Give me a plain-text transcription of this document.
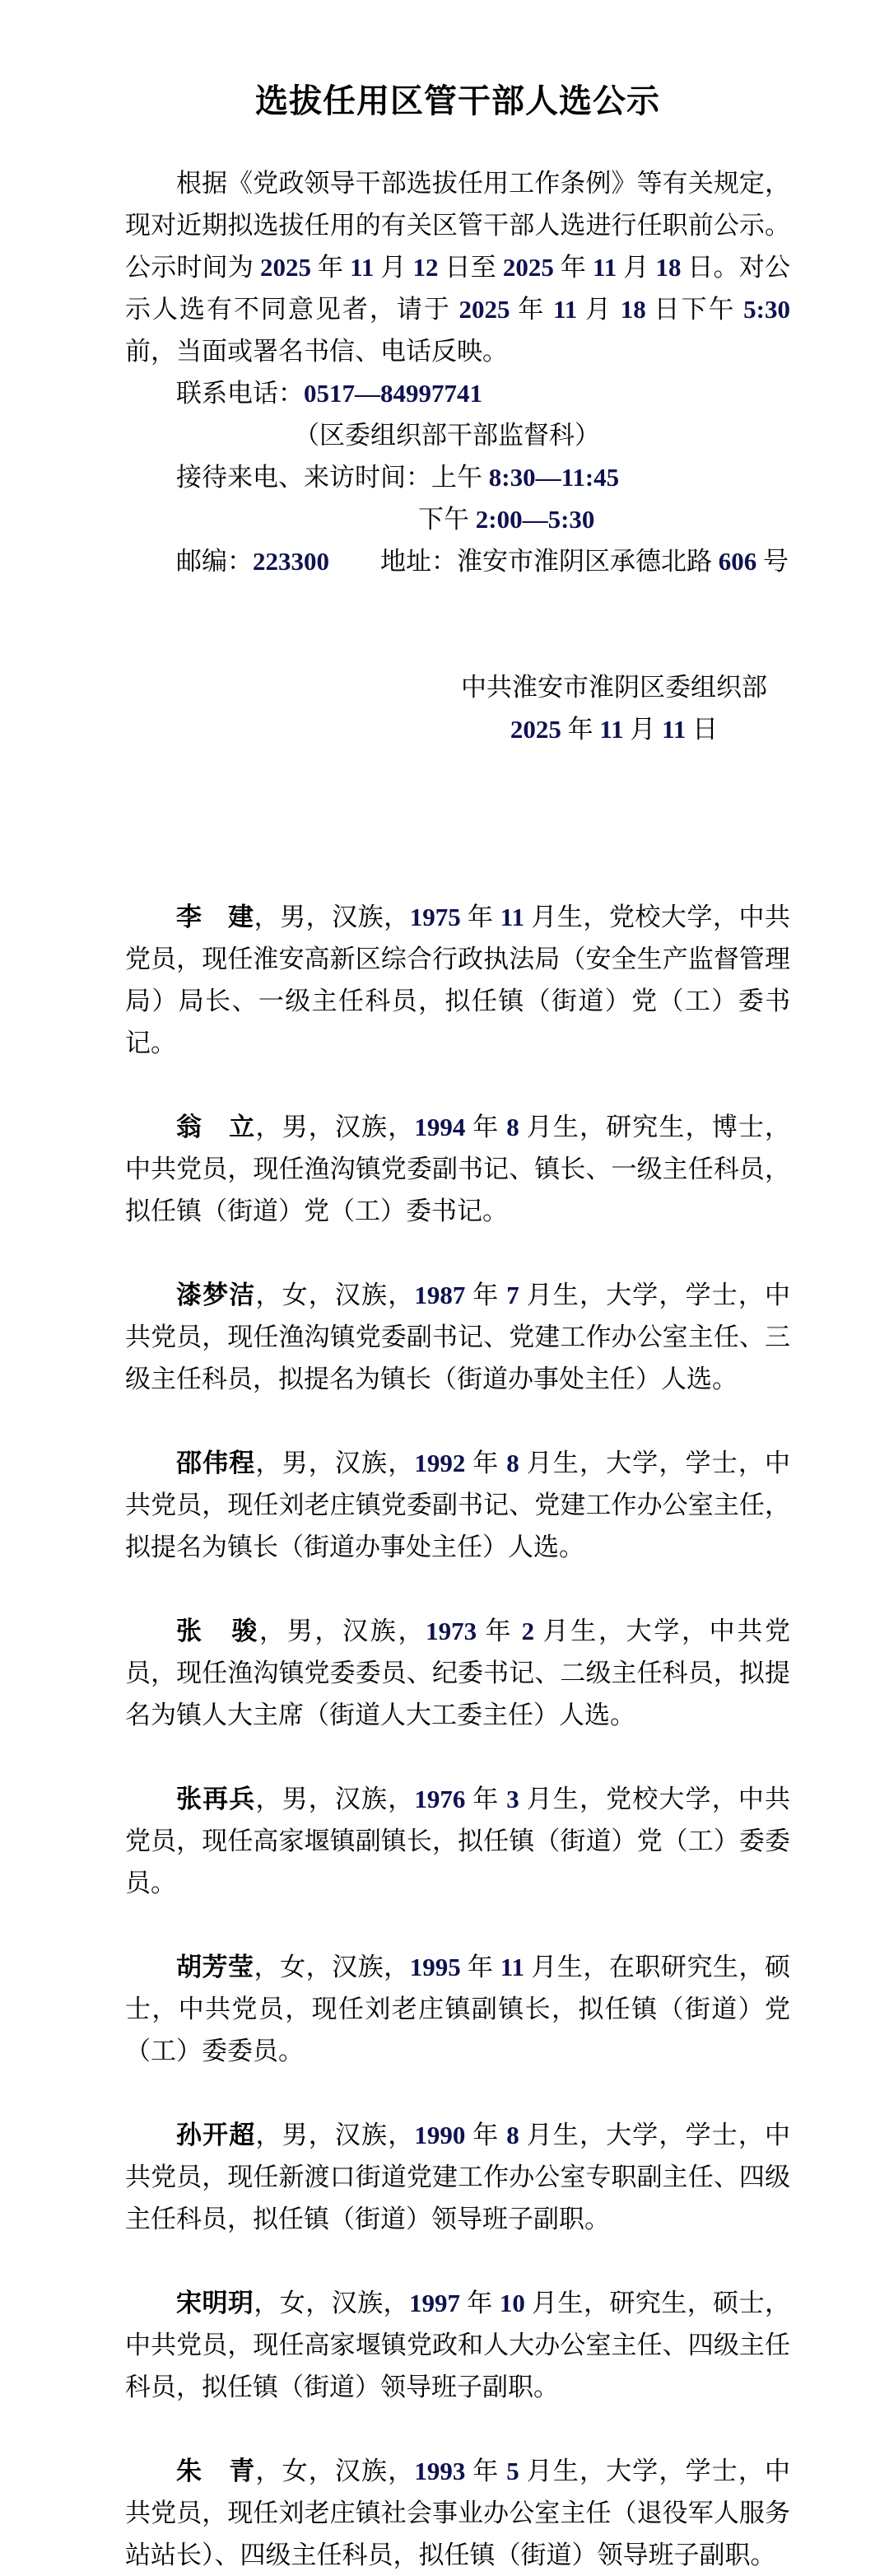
选拔任用区管干部人选公示

根据《党政领导干部选拔任用工作条例》等有关规定，现对近期拟选拔任用的有关区管干部人选进行任职前公示。公示时间为 2025 年 11 月 12 日至 2025 年 11 月 18 日。对公示人选有不同意见者，请于 2025 年 11 月 18 日下午 5:30 前，当面或署名书信、电话反映。

联系电话：0517—84997741
（区委组织部干部监督科）
接待来电、来访时间：上午 8:30—11:45
下午 2:00—5:30
邮编：223300　　地址：淮安市淮阴区承德北路 606 号
中共淮安市淮阴区委组织部
2025 年 11 月 11 日

李　建，男，汉族，1975 年 11 月生，党校大学，中共党员，现任淮安高新区综合行政执法局（安全生产监督管理局）局长、一级主任科员，拟任镇（街道）党（工）委书记。

翁　立，男，汉族，1994 年 8 月生，研究生，博士，中共党员，现任渔沟镇党委副书记、镇长、一级主任科员，拟任镇（街道）党（工）委书记。

漆梦洁，女，汉族，1987 年 7 月生，大学，学士，中共党员，现任渔沟镇党委副书记、党建工作办公室主任、三级主任科员，拟提名为镇长（街道办事处主任）人选。

邵伟程，男，汉族，1992 年 8 月生，大学，学士，中共党员，现任刘老庄镇党委副书记、党建工作办公室主任，拟提名为镇长（街道办事处主任）人选。

张　骏，男，汉族，1973 年 2 月生，大学，中共党员，现任渔沟镇党委委员、纪委书记、二级主任科员，拟提名为镇人大主席（街道人大工委主任）人选。

张再兵，男，汉族，1976 年 3 月生，党校大学，中共党员，现任高家堰镇副镇长，拟任镇（街道）党（工）委委员。

胡芳莹，女，汉族，1995 年 11 月生，在职研究生，硕士，中共党员，现任刘老庄镇副镇长，拟任镇（街道）党（工）委委员。

孙开超，男，汉族，1990 年 8 月生，大学，学士，中共党员，现任新渡口街道党建工作办公室专职副主任、四级主任科员，拟任镇（街道）领导班子副职。

宋明玥，女，汉族，1997 年 10 月生，研究生，硕士，中共党员，现任高家堰镇党政和人大办公室主任、四级主任科员，拟任镇（街道）领导班子副职。

朱　青，女，汉族，1993 年 5 月生，大学，学士，中共党员，现任刘老庄镇社会事业办公室主任（退役军人服务站站长）、四级主任科员，拟任镇（街道）领导班子副职。
